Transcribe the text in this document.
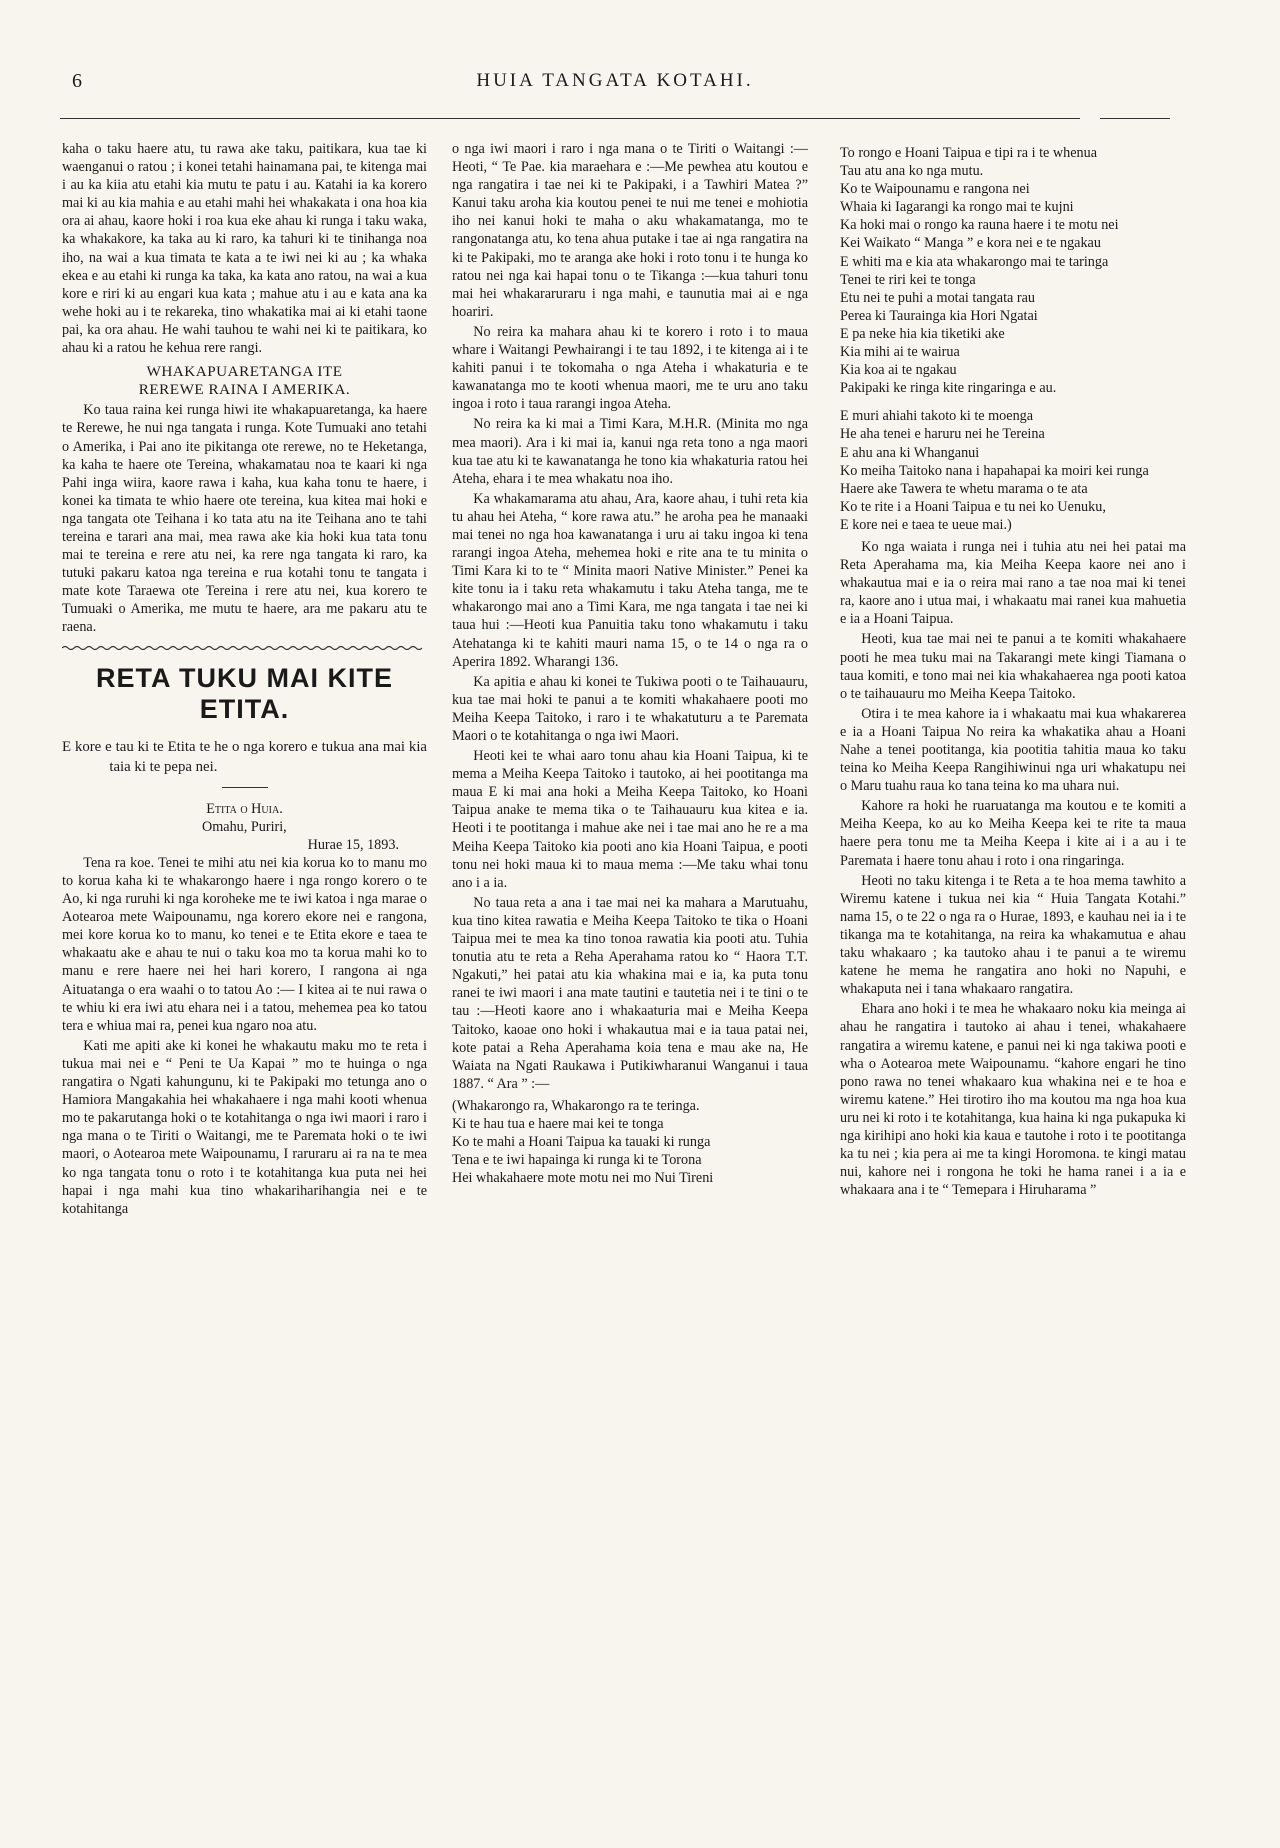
6	HUIA TANGATA KOTAHI.

kaha o taku haere atu, tu rawa ake taku, paitikara, kua tae ki waenganui o ratou ; i konei tetahi hainamana pai, te kitenga mai i au ka kiia atu etahi kia mutu te patu i au. Katahi ia ka korero mai ki au kia mahia e au etahi mahi hei whakakata i ona hoa kia ora ai ahau, kaore hoki i roa kua eke ahau ki runga i taku waka, ka whakakore, ka taka au ki raro, ka tahuri ki te tinihanga noa iho, na wai a kua timata te kata a te iwi nei ki au ; ka whaka ekea e au etahi ki runga ka taka, ka kata ano ratou, na wai a kua kore e riri ki au engari kua kata ; mahue atu i au e kata ana ka wehe hoki au i te rekareka, tino whakatika mai ai ki etahi taone pai, ka ora ahau. He wahi tauhou te wahi nei ki te paitikara, ko ahau ki a ratou he kehua rere rangi.

WHAKAPUARETANGA ITE
REREWE RAINA I AMERIKA.

Ko taua raina kei runga hiwi ite whakapuaretanga, ka haere te Rerewe, he nui nga tangata i runga. Kote Tumuaki ano tetahi o Amerika, i Pai ano ite pikitanga ote rerewe, no te Heketanga, ka kaha te haere ote Tereina, whakamatau noa te kaari ki nga Pahi inga wiira, kaore rawa i kaha, kua kaha tonu te haere, i konei ka timata te whio haere ote tereina, kua kitea mai hoki e nga tangata ote Teihana i ko tata atu na ite Teihana ano te tahi tereina e tarari ana mai, mea rawa ake kia hoki kua tata tonu mai te tereina e rere atu nei, ka rere nga tangata ki raro, ka tutuki pakaru katoa nga tereina e rua kotahi tonu te tangata i mate kote Taraewa ote Tereina i rere atu nei, kua korero te Tumuaki o Amerika, me mutu te haere, ara me pakaru atu te raena.

RETA TUKU MAI KITE
ETITA.
E kore e tau ki te Etita te he o nga korero e tukua ana mai kia taia ki te pepa nei.
Etita o Huia.
Omahu, Puriri,
Hurae 15, 1893.

Tena ra koe. Tenei te mihi atu nei kia korua ko to manu mo to korua kaha ki te whakarongo haere i nga rongo korero o te Ao, ki nga ruruhi ki nga koroheke me te iwi katoa i nga marae o Aotearoa mete Waipounamu, nga korero ekore nei e rangona, mei kore korua ko to manu, ko tenei e te Etita ekore e taea te whakaatu ake e ahau te nui o taku koa mo ta korua mahi ko to manu e rere haere nei hei hari korero, I rangona ai nga Aituatanga o era waahi o to tatou Ao :— I kitea ai te nui rawa o te whiu ki era iwi atu ehara nei i a tatou, mehemea pea ko tatou tera e whiua mai ra, penei kua ngaro noa atu.

Kati me apiti ake ki konei he whakautu maku mo te reta i tukua mai nei e “ Peni te Ua Kapai ” mo te huinga o nga rangatira o Ngati kahungunu, ki te Pakipaki mo tetunga ano o Hamiora Mangakahia hei whakahaere i nga mahi kooti whenua mo te pakarutanga hoki o te kotahitanga o nga iwi maori i raro i nga mana o te Tiriti o Waitangi, me te Paremata hoki o te iwi maori, o Aotearoa mete Waipounamu, I raruraru ai ra na te mea ko nga tangata tonu o roto i te kotahitanga kua puta nei hei hapai i nga mahi kua tino whakariharihangia nei e te kotahitanga

o nga iwi maori i raro i nga mana o te Tiriti o Waitangi :—Heoti, “ Te Pae. kia maraehara e :—Me pewhea atu koutou e nga rangatira i tae nei ki te Pakipaki, i a Tawhiri Matea ?” Kanui taku aroha kia koutou penei te nui me tenei e mohiotia iho nei kanui hoki te maha o aku whakamatanga, mo te rangonatanga atu, ko tena ahua putake i tae ai nga rangatira na ki te Pakipaki, mo te aranga ake hoki i roto tonu i te hunga ko ratou nei nga kai hapai tonu o te Tikanga :—kua tahuri tonu mai hei whakararuraru i nga mahi, e taunutia mai ai e nga hoariri.

No reira ka mahara ahau ki te korero i roto i to maua whare i Waitangi Pewhairangi i te tau 1892, i te kitenga ai i te kahiti panui i te tokomaha o nga Ateha i whakaturia e te kawanatanga mo te kooti whenua maori, me te uru ano taku ingoa i roto i taua rarangi ingoa Ateha.

No reira ka ki mai a Timi Kara, M.H.R. (Minita mo nga mea maori). Ara i ki mai ia, kanui nga reta tono a nga maori kua tae atu ki te kawanatanga he tono kia whakaturia ratou hei Ateha, ehara i te mea whakatu noa iho.

Ka whakamarama atu ahau, Ara, kaore ahau, i tuhi reta kia tu ahau hei Ateha, “ kore rawa atu.” he aroha pea he manaaki mai tenei no nga hoa kawanatanga i uru ai taku ingoa ki tena rarangi ingoa Ateha, mehemea hoki e rite ana te tu minita o Timi Kara ki to te “ Minita maori Native Minister.” Penei ka kite tonu ia i taku reta whakamutu i taku Ateha tanga, me te whakarongo mai ano a Timi Kara, me nga tangata i tae nei ki taua hui :—Heoti kua Panuitia taku tono whakamutu i taku Atehatanga ki te kahiti mauri nama 15, o te 14 o nga ra o Aperira 1892. Wharangi 136.

Ka apitia e ahau ki konei te Tukiwa pooti o te Taihauauru, kua tae mai hoki te panui a te komiti whakahaere pooti mo Meiha Keepa Taitoko, i raro i te whakatuturu a te Paremata Maori o te kotahitanga o nga iwi Maori.

Heoti kei te whai aaro tonu ahau kia Hoani Taipua, ki te mema a Meiha Keepa Taitoko i tautoko, ai hei pootitanga ma maua E ki mai ana hoki a Meiha Keepa Taitoko, ko Hoani Taipua anake te mema tika o te Taihauauru kua kitea e ia. Heoti i te pootitanga i mahue ake nei i tae mai ano he re a ma Meiha Keepa Taitoko kia pooti ano kia Hoani Taipua, e pooti tonu nei hoki maua ki to maua mema :—Me taku whai tonu ano i a ia.

No taua reta a ana i tae mai nei ka mahara a Marutuahu, kua tino kitea rawatia e Meiha Keepa Taitoko te tika o Hoani Taipua mei te mea ka tino tonoa rawatia kia pooti atu. Tuhia tonutia atu te reta a Reha Aperahama ratou ko “ Haora T.T. Ngakuti,” hei patai atu kia whakina mai e ia, ka puta tonu ranei te iwi maori i ana mate tautini e tautetia nei i te tini o te tau :—Heoti kaore ano i whakaaturia mai e Meiha Keepa Taitoko, kaoae ono hoki i whakautua mai e ia taua patai nei, kote patai a Reha Aperahama koia tena e mau ake na, He Waiata na Ngati Raukawa i Putikiwharanui Wanganui i taua 1887. “ Ara ” :—

(Whakarongo ra, Whakarongo ra te teringa.
Ki te hau tua e haere mai kei te tonga
Ko te mahi a Hoani Taipua ka tauaki ki runga
Tena e te iwi hapainga ki runga ki te Torona
Hei whakahaere mote motu nei mo Nui Tireni
To rongo e Hoani Taipua e tipi ra i te whenua
Tau atu ana ko nga mutu.
Ko te Waipounamu e rangona nei
Whaia ki Iagarangi ka rongo mai te kujni
Ka hoki mai o rongo ka rauna haere i te motu nei
Kei Waikato “ Manga ” e kora nei e te ngakau
E whiti ma e kia ata whakarongo mai te taringa
Tenei te riri kei te tonga
Etu nei te puhi a motai tangata rau
Perea ki Taurainga kia Hori Ngatai
E pa neke hia kia tiketiki ake
Kia mihi ai te wairua
Kia koa ai te ngakau
Pakipaki ke ringa kite ringaringa e au.
E muri ahiahi takoto ki te moenga
He aha tenei e haruru nei he Tereina
E ahu ana ki Whanganui
Ko meiha Taitoko nana i hapahapai ka moiri kei runga
Haere ake Tawera te whetu marama o te ata
Ko te rite i a Hoani Taipua e tu nei ko Uenuku,
E kore nei e taea te ueue mai.)

Ko nga waiata i runga nei i tuhia atu nei hei patai ma Reta Aperahama ma, kia Meiha Keepa kaore nei ano i whakautua mai e ia o reira mai rano a tae noa mai ki tenei ra, kaore ano i utua mai, i whakaatu mai ranei kua mahuetia e ia a Hoani Taipua.

Heoti, kua tae mai nei te panui a te komiti whakahaere pooti he mea tuku mai na Takarangi mete kingi Tiamana o taua komiti, e tono mai nei kia whakahaerea nga pooti katoa o te taihauauru mo Meiha Keepa Taitoko.

Otira i te mea kahore ia i whakaatu mai kua whakarerea e ia a Hoani Taipua No reira ka whakatika ahau a Hoani Nahe a tenei pootitanga, kia pootitia tahitia maua ko taku teina ko Meiha Keepa Rangihiwinui nga uri whakatupu nei o Maru tuahu raua ko tana teina ko ma uhara nui.

Kahore ra hoki he ruaruatanga ma koutou e te komiti a Meiha Keepa, ko au ko Meiha Keepa kei te rite ta maua haere pera tonu me ta Meiha Keepa i kite ai i a au i te Paremata i haere tonu ahau i roto i ona ringaringa.

Heoti no taku kitenga i te Reta a te hoa mema tawhito a Wiremu katene i tukua nei kia “ Huia Tangata Kotahi.” nama 15, o te 22 o nga ra o Hurae, 1893, e kauhau nei ia i te tikanga ma te kotahitanga, na reira ka whakamutua e ahau taku whakaaro ; ka tautoko ahau i te panui a te wiremu katene he mema he rangatira ano hoki no Napuhi, e whakaputa nei i tana whakaaro rangatira.

Ehara ano hoki i te mea he whakaaro noku kia meinga ai ahau he rangatira i tautoko ai ahau i tenei, whakahaere rangatira a wiremu katene, e panui nei ki nga takiwa pooti e wha o Aotearoa mete Waipounamu. “kahore engari he tino pono rawa no tenei whakaaro kua whakina nei e te hoa e wiremu katene.” Hei tirotiro iho ma koutou ma nga hoa kua uru nei ki roto i te kotahitanga, kua haina ki nga pukapuka ki nga kirihipi ano hoki kia kaua e tautohe i roto i te pootitanga ka tu nei ; kia pera ai me ta kingi Horomona. te kingi matau nui, kahore nei i rongona he toki he hama ranei i a ia e whakaara ana i te “ Temepara i Hiruharama ”
